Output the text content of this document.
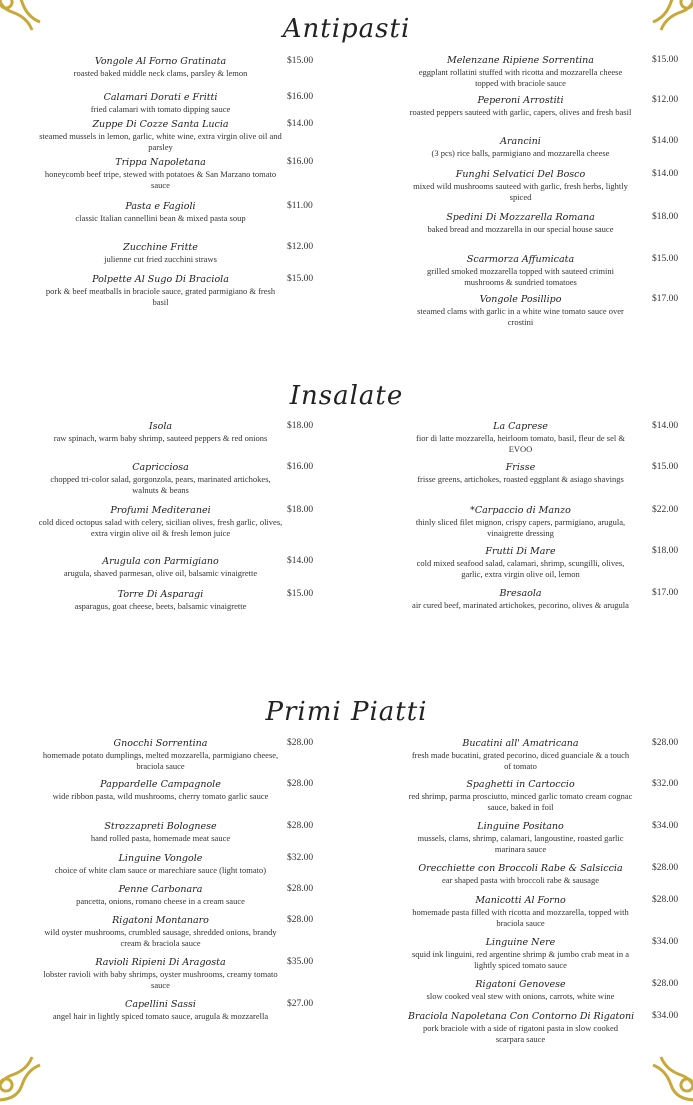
Antipasti
Insalate
Primi Piatti
Vongole Al Forno Gratinata
roasted baked middle neck clams, parsley & lemon
$15.00
Calamari Dorati e Fritti
fried calamari with tomato dipping sauce
$16.00
Zuppe Di Cozze Santa Lucia
steamed mussels in lemon, garlic, white wine, extra virgin olive oil and parsley
$14.00
Trippa Napoletana
honeycomb beef tripe, stewed with potatoes & San Marzano tomato sauce
$16.00
Pasta e Fagioli
classic Italian cannellini bean & mixed pasta soup
$11.00
Zucchine Fritte
julienne cut fried zucchini straws
$12.00
Polpette Al Sugo Di Braciola
pork & beef meatballs in braciole sauce, grated parmigiano & fresh basil
$15.00
Melenzane Ripiene Sorrentina
eggplant rollatini stuffed with ricotta and mozzarella cheese topped with braciole sauce
$15.00
Peperoni Arrostiti
roasted peppers sauteed with garlic, capers, olives and fresh basil
$12.00
Arancini
(3 pcs) rice balls, parmigiano and mozzarella cheese
$14.00
Funghi Selvatici Del Bosco
mixed wild mushrooms sauteed with garlic, fresh herbs, lightly spiced
$14.00
Spedini Di Mozzarella Romana
baked bread and mozzarella in our special house sauce
$18.00
Scarmorza Affumicata
grilled smoked mozzarella topped with sauteed crimini mushrooms & sundried tomatoes
$15.00
Vongole Posillipo
steamed clams with garlic in a white wine tomato sauce over crostini
$17.00
Isola
raw spinach, warm baby shrimp, sauteed peppers & red onions
$18.00
Capricciosa
chopped tri-color salad, gorgonzola, pears, marinated artichokes, walnuts & beans
$16.00
Profumi Mediteranei
cold diced octopus salad with celery, sicilian olives, fresh garlic, olives, extra virgin olive oil & fresh lemon juice
$18.00
Arugula con Parmigiano
arugula, shaved parmesan, olive oil, balsamic vinaigrette
$14.00
Torre Di Asparagi
asparagus, goat cheese, beets, balsamic vinaigrette
$15.00
La Caprese
fior di latte mozzarella, heirloom tomato, basil, fleur de sel & EVOO
$14.00
Frisse
frisse greens, artichokes, roasted eggplant & asiago shavings
$15.00
*Carpaccio di Manzo
thinly sliced filet mignon, crispy capers, parmigiano, arugula, vinaigrette dressing
$22.00
Frutti Di Mare
cold mixed seafood salad, calamari, shrimp, scungilli, olives, garlic, extra virgin olive oil, lemon
$18.00
Bresaola
air cured beef, marinated artichokes, pecorino, olives & arugula
$17.00
Gnocchi Sorrentina
homemade potato dumplings, melted mozzarella, parmigiano cheese, braciola sauce
$28.00
Pappardelle Campagnole
wide ribbon pasta, wild mushrooms, cherry tomato garlic sauce
$28.00
Strozzapreti Bolognese
hand rolled pasta, homemade meat sauce
$28.00
Linguine Vongole
choice of white clam sauce or marechiare sauce (light tomato)
$32.00
Penne Carbonara
pancetta, onions, romano cheese in a cream sauce
$28.00
Rigatoni Montanaro
wild oyster mushrooms, crumbled sausage, shredded onions, brandy cream & braciola sauce
$28.00
Ravioli Ripieni Di Aragosta
lobster ravioli with baby shrimps, oyster mushrooms, creamy tomato sauce
$35.00
Capellini Sassi
angel hair in lightly spiced tomato sauce, arugula & mozzarella
$27.00
Bucatini all' Amatricana
fresh made bucatini, grated pecorino, diced guanciale & a touch of tomato
$28.00
Spaghetti in Cartoccio
red shrimp, parma prosciutto, minced garlic tomato cream cognac sauce, baked in foil
$32.00
Linguine Positano
mussels, clams, shrimp, calamari, langoustine, roasted garlic marinara sauce
$34.00
Orecchiette con Broccoli Rabe & Salsiccia
ear shaped pasta with broccoli rabe & sausage
$28.00
Manicotti Al Forno
homemade pasta filled with ricotta and mozzarella, topped with braciola sauce
$28.00
Linguine Nere
squid ink linguini, red argentine shrimp & jumbo crab meat in a lightly spiced tomato sauce
$34.00
Rigatoni Genovese
slow cooked veal stew with onions, carrots, white wine
$28.00
Braciola Napoletana Con Contorno Di Rigatoni
pork braciole with a side of rigatoni pasta in slow cooked scarpara sauce
$34.00
